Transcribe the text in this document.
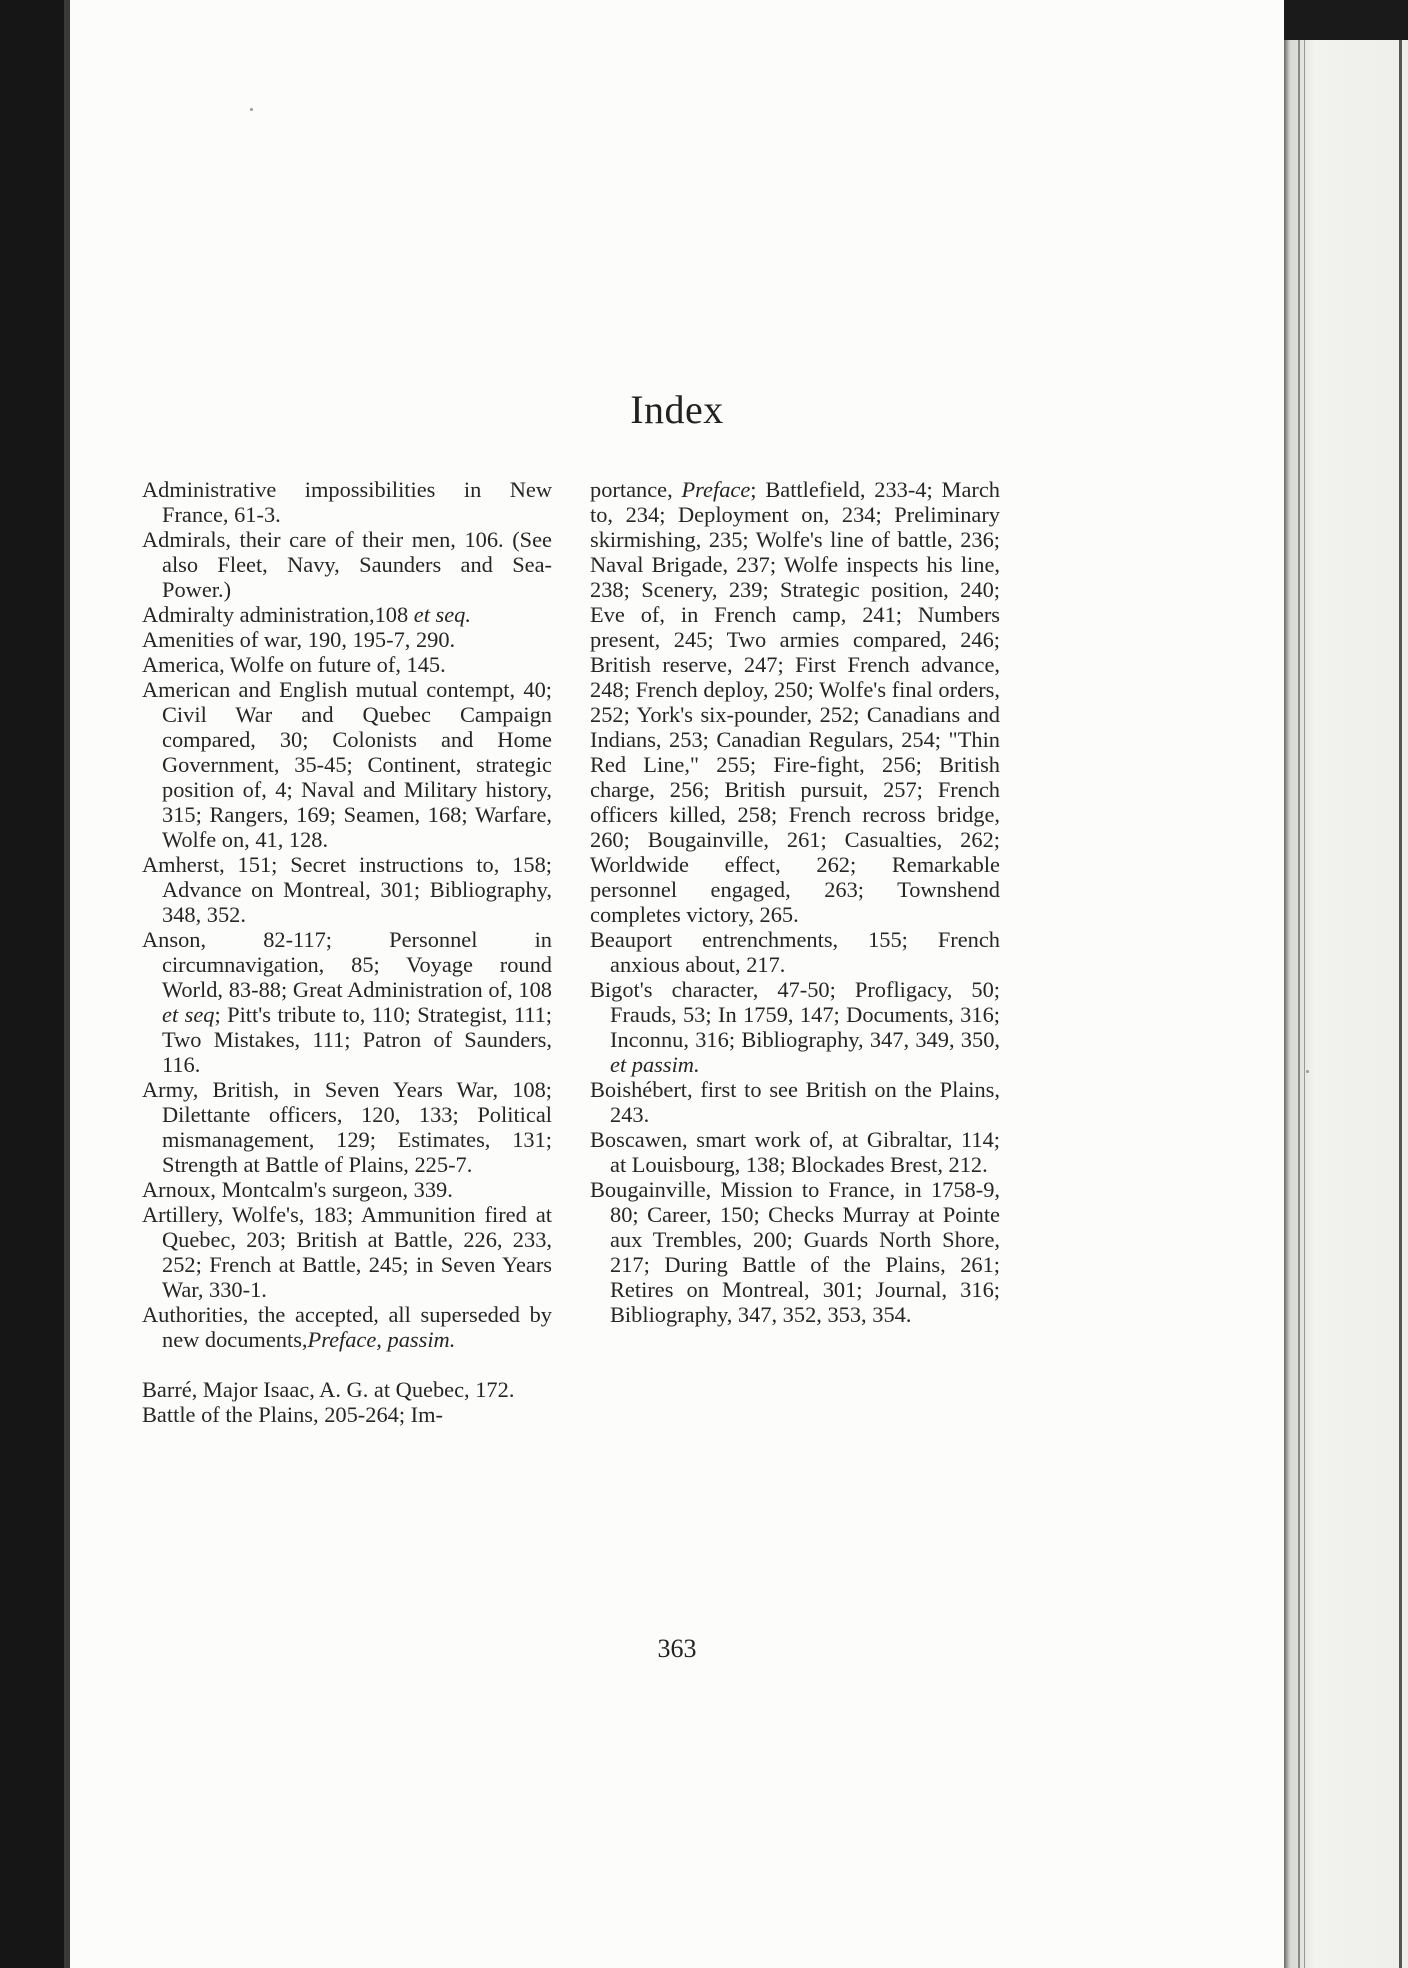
Index

Administrative impossibilities in New France, 61-3.

Admirals, their care of their men, 106. (See also Fleet, Navy, Saunders and Sea-Power.)

Admiralty administration,108 et seq.

Amenities of war, 190, 195-7, 290.

America, Wolfe on future of, 145.

American and English mutual contempt, 40; Civil War and Quebec Campaign compared, 30; Colonists and Home Government, 35-45; Continent, strategic position of, 4; Naval and Military history, 315; Rangers, 169; Seamen, 168; Warfare, Wolfe on, 41, 128.

Amherst, 151; Secret instructions to, 158; Advance on Montreal, 301; Bibliography, 348, 352.

Anson, 82-117; Personnel in circumnavigation, 85; Voyage round World, 83-88; Great Administration of, 108 et seq; Pitt's tribute to, 110; Strategist, 111; Two Mistakes, 111; Patron of Saunders, 116.

Army, British, in Seven Years War, 108; Dilettante officers, 120, 133; Political mismanagement, 129; Estimates, 131; Strength at Battle of Plains, 225-7.

Arnoux, Montcalm's surgeon, 339.

Artillery, Wolfe's, 183; Ammunition fired at Quebec, 203; British at Battle, 226, 233, 252; French at Battle, 245; in Seven Years War, 330-1.

Authorities, the accepted, all superseded by new documents,Preface, passim.

Barré, Major Isaac, A. G. at Quebec, 172.

Battle of the Plains, 205-264; Im-

portance, Preface; Battlefield, 233-4; March to, 234; Deployment on, 234; Preliminary skirmishing, 235; Wolfe's line of battle, 236; Naval Brigade, 237; Wolfe inspects his line, 238; Scenery, 239; Strategic position, 240; Eve of, in French camp, 241; Numbers present, 245; Two armies compared, 246; British reserve, 247; First French advance, 248; French deploy, 250; Wolfe's final orders, 252; York's six-pounder, 252; Canadians and Indians, 253; Canadian Regulars, 254; "Thin Red Line," 255; Fire-fight, 256; British charge, 256; British pursuit, 257; French officers killed, 258; French recross bridge, 260; Bougainville, 261; Casualties, 262; Worldwide effect, 262; Remarkable personnel engaged, 263; Townshend completes victory, 265.

Beauport entrenchments, 155; French anxious about, 217.

Bigot's character, 47-50; Profligacy, 50; Frauds, 53; In 1759, 147; Documents, 316; Inconnu, 316; Bibliography, 347, 349, 350, et passim.

Boishébert, first to see British on the Plains, 243.

Boscawen, smart work of, at Gibraltar, 114; at Louisbourg, 138; Blockades Brest, 212.

Bougainville, Mission to France, in 1758-9, 80; Career, 150; Checks Murray at Pointe aux Trembles, 200; Guards North Shore, 217; During Battle of the Plains, 261; Retires on Montreal, 301; Journal, 316; Bibliography, 347, 352, 353, 354.

363
